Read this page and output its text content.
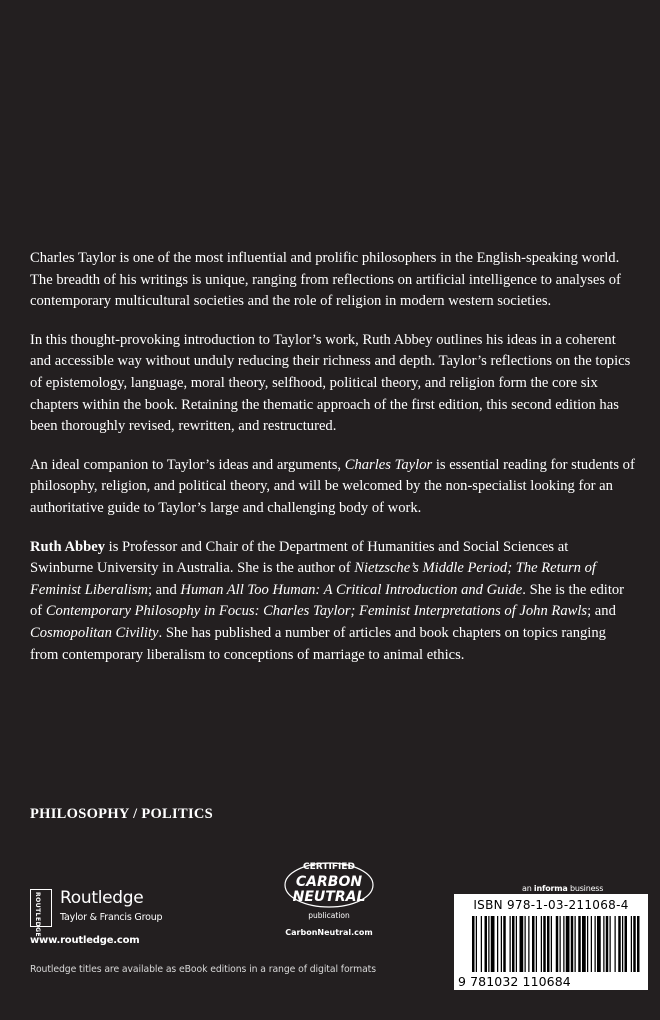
Charles Taylor is one of the most influential and prolific philosophers in the English-speaking world. The breadth of his writings is unique, ranging from reflections on artificial intelligence to analyses of contemporary multicultural societies and the role of religion in modern western societies.

In this thought-provoking introduction to Taylor’s work, Ruth Abbey outlines his ideas in a coherent and accessible way without unduly reducing their richness and depth. Taylor’s reflections on the topics of epistemology, language, moral theory, selfhood, political theory, and religion form the core six chapters within the book. Retaining the thematic approach of the first edition, this second edition has been thoroughly revised, rewritten, and restructured.

An ideal companion to Taylor’s ideas and arguments, Charles Taylor is essential reading for students of philosophy, religion, and political theory, and will be welcomed by the non-specialist looking for an authoritative guide to Taylor’s large and challenging body of work.

Ruth Abbey is Professor and Chair of the Department of Humanities and Social Sciences at Swinburne University in Australia. She is the author of Nietzsche’s Middle Period; The Return of Feminist Liberalism; and Human All Too Human: A Critical Introduction and Guide. She is the editor of Contemporary Philosophy in Focus: Charles Taylor; Feminist Interpretations of John Rawls; and Cosmopolitan Civility. She has published a number of articles and book chapters on topics ranging from contemporary liberalism to conceptions of marriage to animal ethics.

PHILOSOPHY / POLITICS
ROUTLEDGE Routledge
Taylor & Francis Group
www.routledge.com
CERTIFIED
CARBON
NEUTRAL
publication
CarbonNeutral.com
an informa business
ISBN 978-1-03-211068-4
9 781032 110684
Routledge titles are available as eBook editions in a range of digital formats
